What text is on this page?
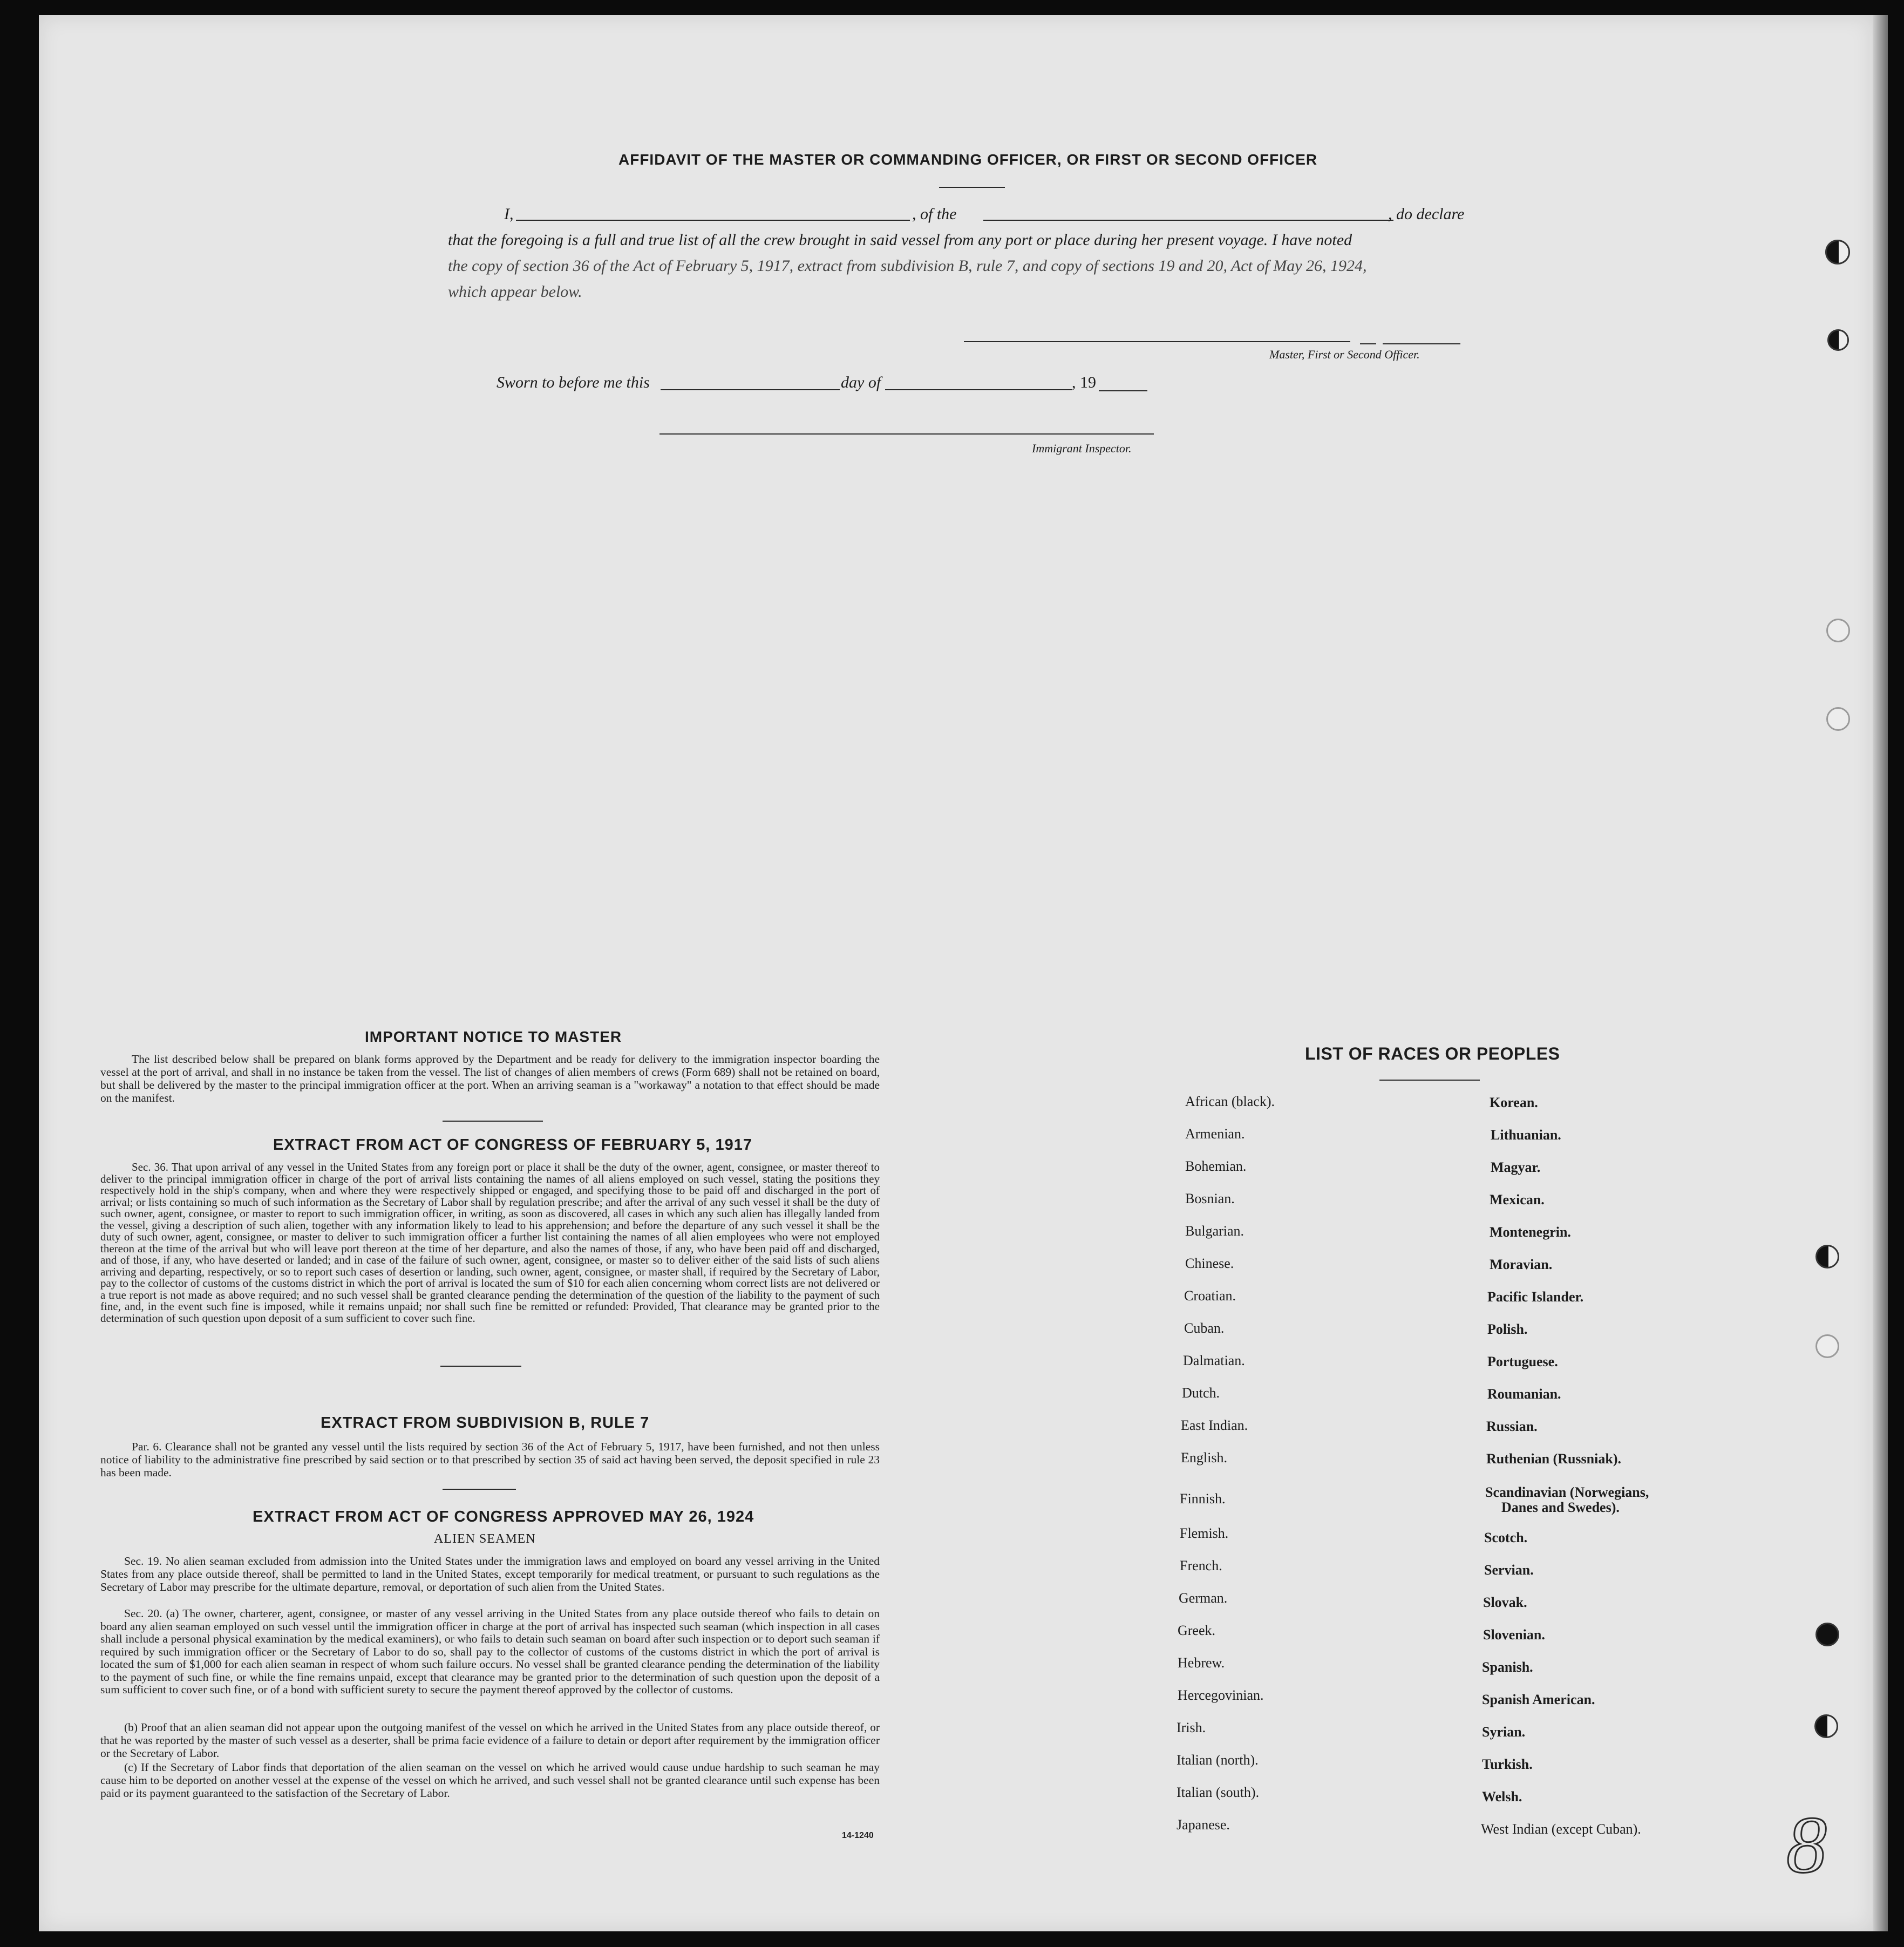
AFFIDAVIT OF THE MASTER OR COMMANDING OFFICER, OR FIRST OR SECOND OFFICER
I,	, of the	, do declare
that the foregoing is a full and true list of all the crew brought in said vessel from any port or place during her present voyage. I have noted
the copy of section 36 of the Act of February 5, 1917, extract from subdivision B, rule 7, and copy of sections 19 and 20, Act of May 26, 1924,
which appear below.
Master, First or Second Officer.
Sworn to before me this	day of	, 19
Immigrant Inspector.
IMPORTANT NOTICE TO MASTER
The list described below shall be prepared on blank forms approved by the Department and be ready for delivery to the immigration inspector boarding the vessel at the port of arrival, and shall in no instance be taken from the vessel. The list of changes of alien members of crews (Form 689) shall not be retained on board, but shall be delivered by the master to the principal immigration officer at the port. When an arriving seaman is a "workaway" a notation to that effect should be made on the manifest.
EXTRACT FROM ACT OF CONGRESS OF FEBRUARY 5, 1917
Sec. 36. That upon arrival of any vessel in the United States from any foreign port or place it shall be the duty of the owner, agent, consignee, or master thereof to deliver to the principal immigration officer in charge of the port of arrival lists containing the names of all aliens employed on such vessel, stating the positions they respectively hold in the ship's company, when and where they were respectively shipped or engaged, and specifying those to be paid off and discharged in the port of arrival; or lists containing so much of such information as the Secretary of Labor shall by regulation prescribe; and after the arrival of any such vessel it shall be the duty of such owner, agent, consignee, or master to report to such immigration officer, in writing, as soon as discovered, all cases in which any such alien has illegally landed from the vessel, giving a description of such alien, together with any information likely to lead to his apprehension; and before the departure of any such vessel it shall be the duty of such owner, agent, consignee, or master to deliver to such immigration officer a further list containing the names of all alien employees who were not employed thereon at the time of the arrival but who will leave port thereon at the time of her departure, and also the names of those, if any, who have been paid off and discharged, and of those, if any, who have deserted or landed; and in case of the failure of such owner, agent, consignee, or master so to deliver either of the said lists of such aliens arriving and departing, respectively, or so to report such cases of desertion or landing, such owner, agent, consignee, or master shall, if required by the Secretary of Labor, pay to the collector of customs of the customs district in which the port of arrival is located the sum of $10 for each alien concerning whom correct lists are not delivered or a true report is not made as above required; and no such vessel shall be granted clearance pending the determination of the question of the liability to the payment of such fine, and, in the event such fine is imposed, while it remains unpaid; nor shall such fine be remitted or refunded: Provided, That clearance may be granted prior to the determination of such question upon deposit of a sum sufficient to cover such fine.
EXTRACT FROM SUBDIVISION B, RULE 7
Par. 6. Clearance shall not be granted any vessel until the lists required by section 36 of the Act of February 5, 1917, have been furnished, and not then unless notice of liability to the administrative fine prescribed by said section or to that prescribed by section 35 of said act having been served, the deposit specified in rule 23 has been made.
EXTRACT FROM ACT OF CONGRESS APPROVED MAY 26, 1924
ALIEN SEAMEN
Sec. 19. No alien seaman excluded from admission into the United States under the immigration laws and employed on board any vessel arriving in the United States from any place outside thereof, shall be permitted to land in the United States, except temporarily for medical treatment, or pursuant to such regulations as the Secretary of Labor may prescribe for the ultimate departure, removal, or deportation of such alien from the United States.
Sec. 20. (a) The owner, charterer, agent, consignee, or master of any vessel arriving in the United States from any place outside thereof who fails to detain on board any alien seaman employed on such vessel until the immigration officer in charge at the port of arrival has inspected such seaman (which inspection in all cases shall include a personal physical examination by the medical examiners), or who fails to detain such seaman on board after such inspection or to deport such seaman if required by such immigration officer or the Secretary of Labor to do so, shall pay to the collector of customs of the customs district in which the port of arrival is located the sum of $1,000 for each alien seaman in respect of whom such failure occurs. No vessel shall be granted clearance pending the determination of the liability to the payment of such fine, or while the fine remains unpaid, except that clearance may be granted prior to the determination of such question upon the deposit of a sum sufficient to cover such fine, or of a bond with sufficient surety to secure the payment thereof approved by the collector of customs.
(b) Proof that an alien seaman did not appear upon the outgoing manifest of the vessel on which he arrived in the United States from any place outside thereof, or that he was reported by the master of such vessel as a deserter, shall be prima facie evidence of a failure to detain or deport after requirement by the immigration officer or the Secretary of Labor.
(c) If the Secretary of Labor finds that deportation of the alien seaman on the vessel on which he arrived would cause undue hardship to such seaman he may cause him to be deported on another vessel at the expense of the vessel on which he arrived, and such vessel shall not be granted clearance until such expense has been paid or its payment guaranteed to the satisfaction of the Secretary of Labor.
14-1240
LIST OF RACES OR PEOPLES
African (black).
Armenian.
Bohemian.
Bosnian.
Bulgarian.
Chinese.
Croatian.
Cuban.
Dalmatian.
Dutch.
East Indian.
English.
Finnish.
Flemish.
French.
German.
Greek.
Hebrew.
Hercegovinian.
Irish.
Italian (north).
Italian (south).
Japanese.
Korean.
Lithuanian.
Magyar.
Mexican.
Montenegrin.
Moravian.
Pacific Islander.
Polish.
Portuguese.
Roumanian.
Russian.
Ruthenian (Russniak).
Scandinavian (Norwegians,
Danes and Swedes).
Scotch.
Servian.
Slovak.
Slovenian.
Spanish.
Spanish American.
Syrian.
Turkish.
Welsh.
West Indian (except Cuban). 8
